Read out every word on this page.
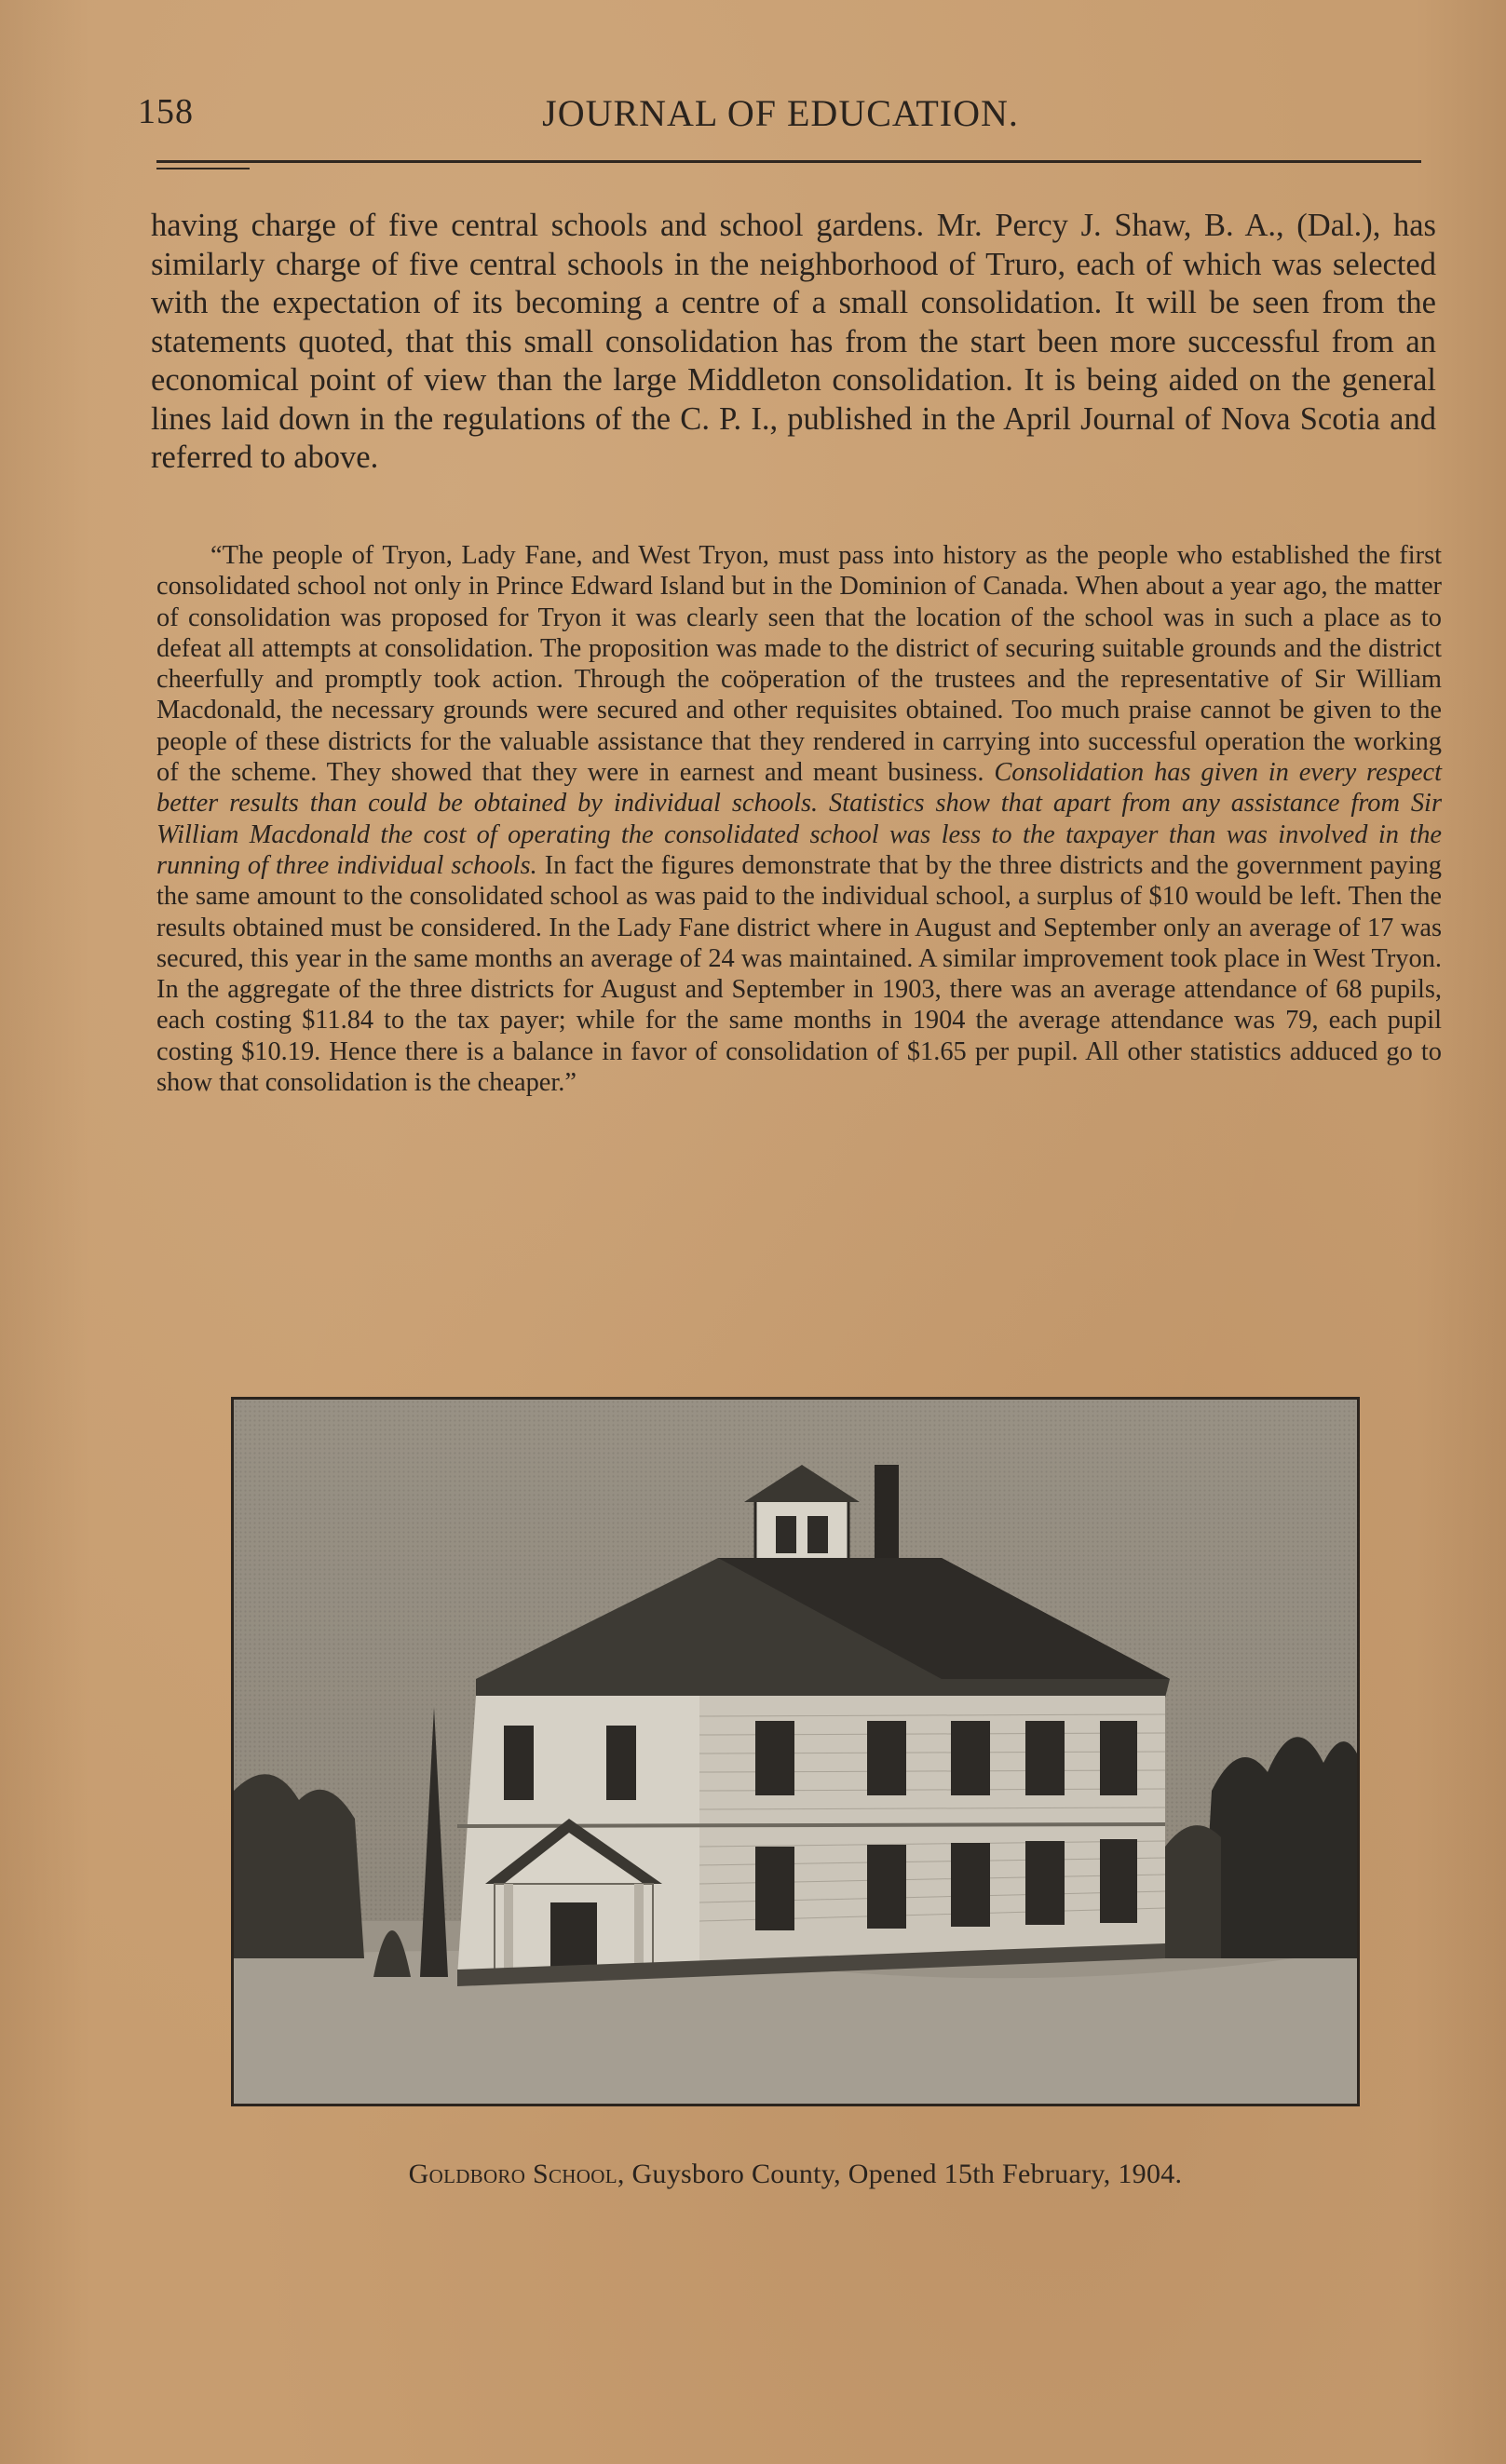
158	JOURNAL OF EDUCATION.

having charge of five central schools and school gardens. Mr. Percy J. Shaw, B. A., (Dal.), has similarly charge of five central schools in the neighborhood of Truro, each of which was selected with the expectation of its becoming a centre of a small consolidation. It will be seen from the statements quoted, that this small consolidation has from the start been more successful from an economical point of view than the large Middleton consolidation. It is being aided on the general lines laid down in the regulations of the C. P. I., published in the April Journal of Nova Scotia and referred to above.

“The people of Tryon, Lady Fane, and West Tryon, must pass into history as the people who established the first consolidated school not only in Prince Edward Island but in the Dominion of Canada. When about a year ago, the matter of consolidation was proposed for Tryon it was clearly seen that the location of the school was in such a place as to defeat all attempts at consolidation. The proposition was made to the district of securing suitable grounds and the district cheerfully and promptly took action. Through the coöperation of the trustees and the representative of Sir William Macdonald, the necessary grounds were secured and other requisites obtained. Too much praise cannot be given to the people of these districts for the valuable assistance that they rendered in carrying into successful operation the working of the scheme. They showed that they were in earnest and meant business. Consolidation has given in every respect better results than could be obtained by individual schools. Statistics show that apart from any assistance from Sir William Macdonald the cost of operating the consolidated school was less to the taxpayer than was involved in the running of three individual schools. In fact the figures demonstrate that by the three districts and the government paying the same amount to the consolidated school as was paid to the individual school, a surplus of $10 would be left. Then the results obtained must be considered. In the Lady Fane district where in August and September only an average of 17 was secured, this year in the same months an average of 24 was maintained. A similar improvement took place in West Tryon. In the aggregate of the three districts for August and September in 1903, there was an average attendance of 68 pupils, each costing $11.84 to the tax payer; while for the same months in 1904 the average attendance was 79, each pupil costing $10.19. Hence there is a balance in favor of consolidation of $1.65 per pupil. All other statistics adduced go to show that consolidation is the cheaper.”

Goldboro School, Guysboro County, Opened 15th February, 1904.
